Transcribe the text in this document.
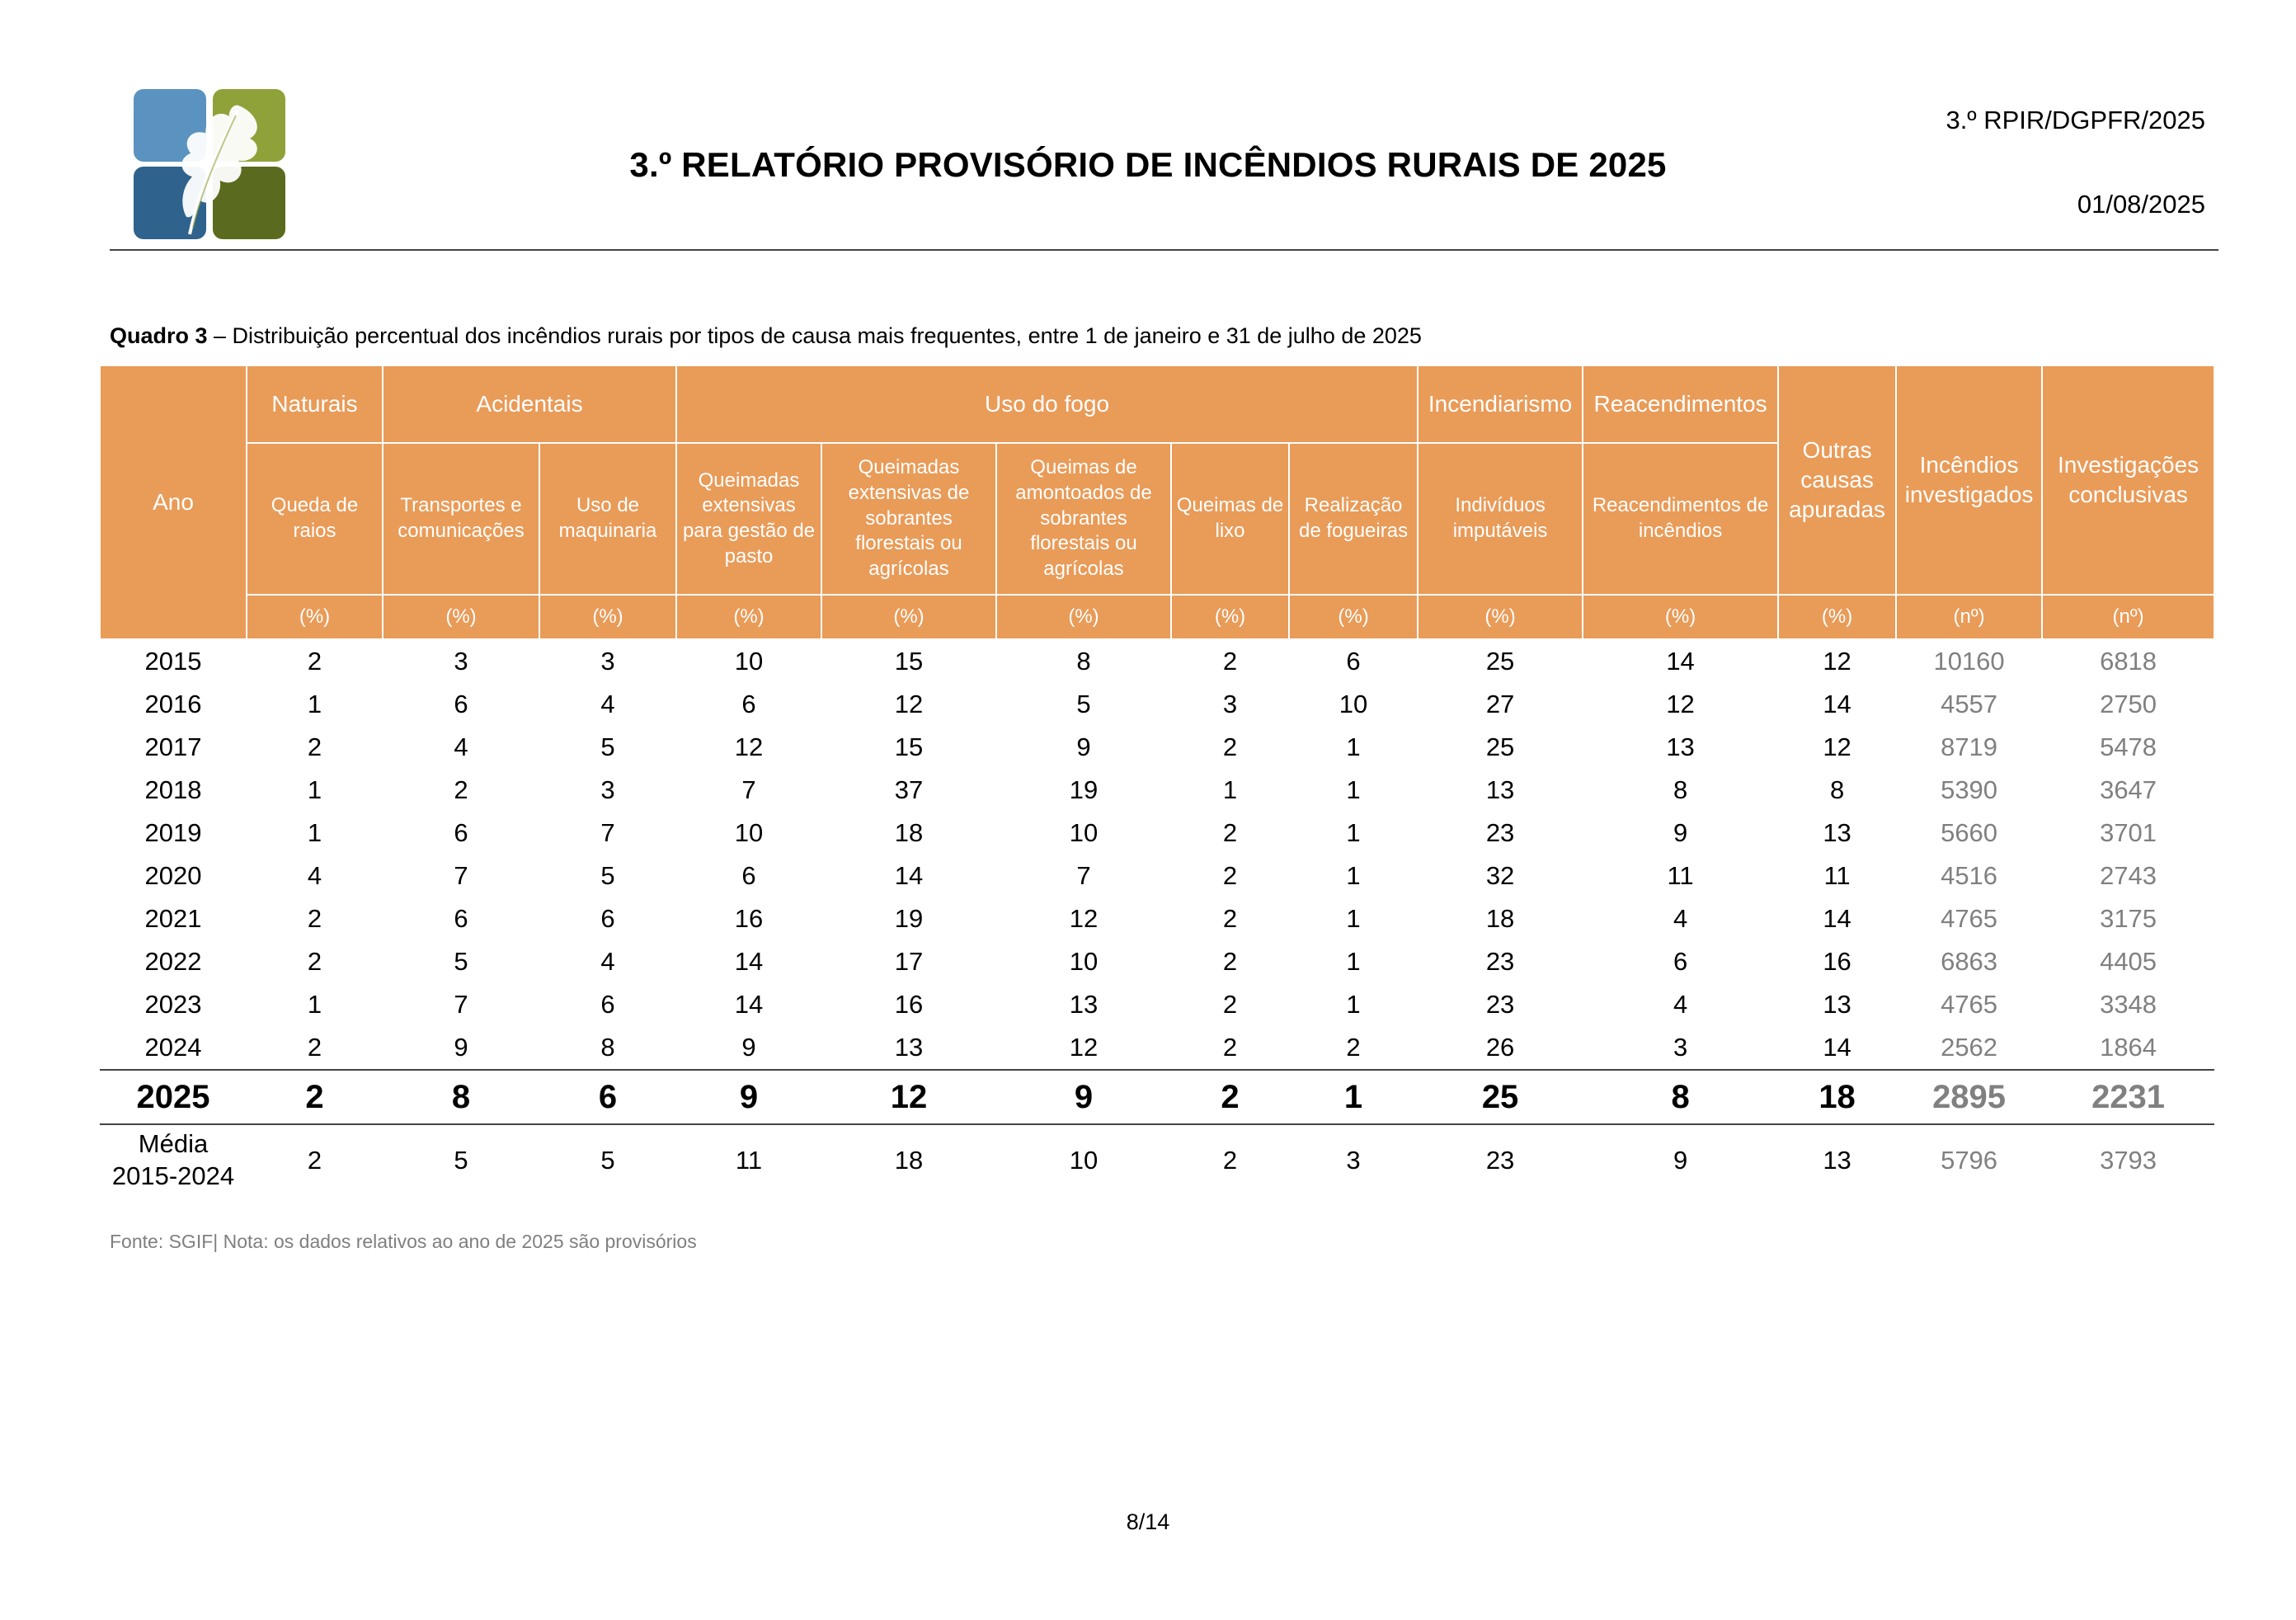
3.º RELATÓRIO PROVISÓRIO DE INCÊNDIOS RURAIS DE 2025
3.º RPIR/DGPFR/2025
01/08/2025
Quadro 3 – Distribuição percentual dos incêndios rurais por tipos de causa mais frequentes, entre 1 de janeiro e 31 de julho de 2025
Ano	Naturais	Acidentais		Uso do fogo					Incendiarismo	Reacendimentos	Outras causas apuradas	Incêndios investigados	Investigações conclusivas
	Queda de raios	Transportes e comunicações	Uso de maquinaria	Queimadas extensivas para gestão de pasto	Queimadas extensivas de sobrantes florestais ou agrícolas	Queimas de amontoados de sobrantes florestais ou agrícolas	Queimas de lixo	Realização de fogueiras	Indivíduos imputáveis	Reacendimentos de incêndios			
	(%)	(%)	(%)	(%)	(%)	(%)	(%)	(%)	(%)	(%)	(%)	(nº)	(nº)
2015	2	3	3	10	15	8	2	6	25	14	12	10160	6818
2016	1	6	4	6	12	5	3	10	27	12	14	4557	2750
2017	2	4	5	12	15	9	2	1	25	13	12	8719	5478
2018	1	2	3	7	37	19	1	1	13	8	8	5390	3647
2019	1	6	7	10	18	10	2	1	23	9	13	5660	3701
2020	4	7	5	6	14	7	2	1	32	11	11	4516	2743
2021	2	6	6	16	19	12	2	1	18	4	14	4765	3175
2022	2	5	4	14	17	10	2	1	23	6	16	6863	4405
2023	1	7	6	14	16	13	2	1	23	4	13	4765	3348
2024	2	9	8	9	13	12	2	2	26	3	14	2562	1864
2025	2	8	6	9	12	9	2	1	25	8	18	2895	2231
Média
2015-2024	2	5	5	11	18	10	2	3	23	9	13	5796	3793
Fonte: SGIF| Nota: os dados relativos ao ano de 2025 são provisórios
8/14
